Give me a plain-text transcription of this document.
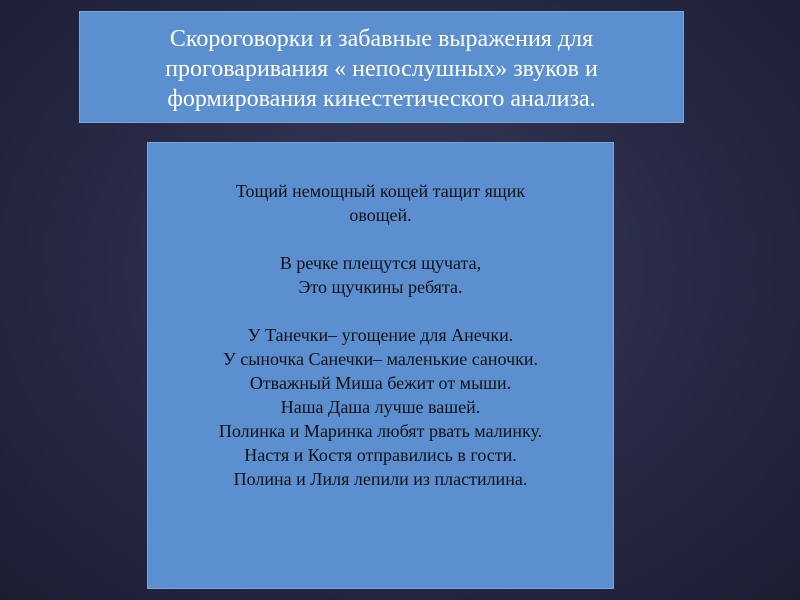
Скороговорки и забавные выражения для
проговаривания « непослушных» звуков и
формирования кинестетического анализа.
Тощий немощный кощей тащит ящик
овощей.
В речке плещутся щучата,
Это щучкины ребята.
У Танечки– угощение для Анечки.
У сыночка Санечки– маленькие саночки.
Отважный Миша бежит от мыши.
Наша Даша лучше вашей.
Полинка и Маринка любят рвать малинку.
Настя и Костя отправились в гости.
Полина и Лиля лепили из пластилина.
